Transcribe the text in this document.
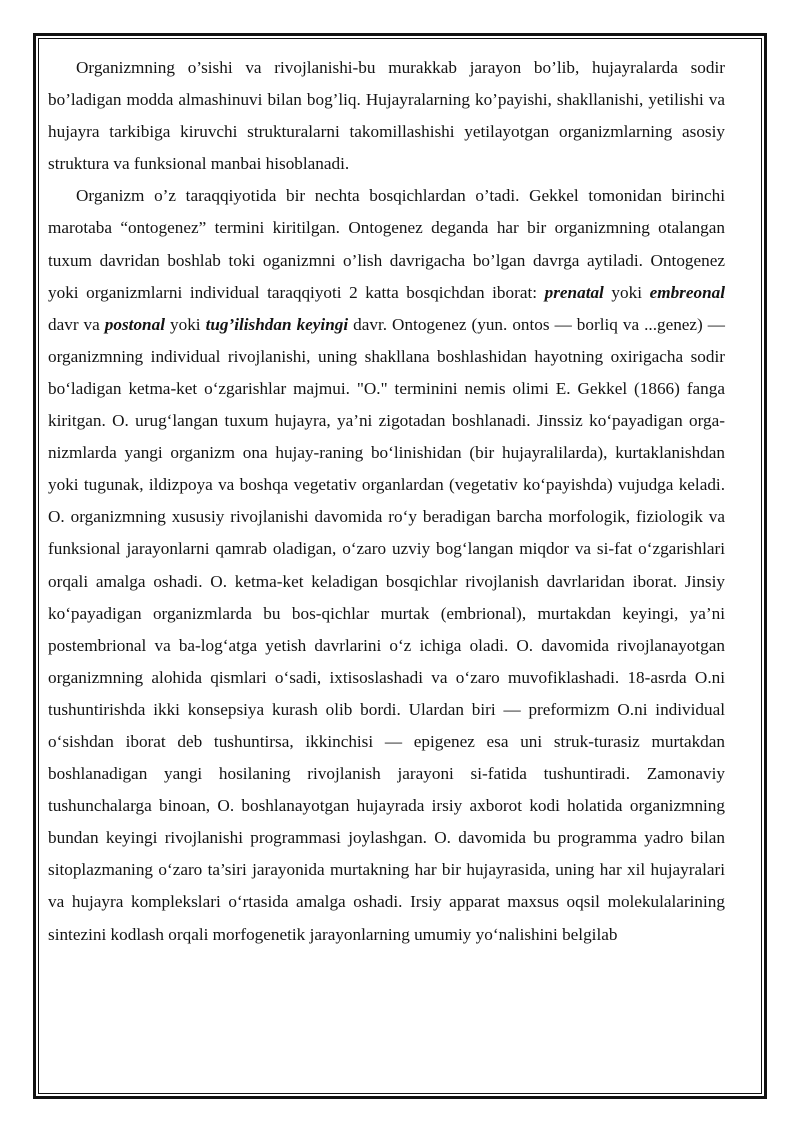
Organizmning o’sishi va rivojlanishi-bu murakkab jarayon bo’lib, hujayralarda sodir bo’ladigan modda almashinuvi bilan bog’liq. Hujayralarning ko’payishi, shakllanishi, yetilishi va hujayra tarkibiga kiruvchi strukturalarni takomillashishi yetilayotgan organizmlarning asosiy struktura va funksional manbai hisoblanadi.

Organizm o’z taraqqiyotida bir nechta bosqichlardan o’tadi. Gekkel tomonidan birinchi marotaba “ontogenez” termini kiritilgan. Ontogenez deganda har bir organizmning otalangan tuxum davridan boshlab toki oganizmni o’lish davrigacha bo’lgan davrga aytiladi. Ontogenez yoki organizmlarni individual taraqqiyoti 2 katta bosqichdan iborat: prenatal yoki embreonal davr va postonal yoki tug’ilishdan keyingi davr. Ontogenez (yun. ontos — borliq va ...genez) — organizmning individual rivojlanishi, uning shakllana boshlashidan hayotning oxirigacha sodir bo‘ladigan ketma-ket o‘zgarishlar majmui. "O." terminini nemis olimi E. Gekkel (1866) fanga kiritgan. O. urug‘langan tuxum hujayra, ya’ni zigotadan boshlanadi. Jinssiz ko‘payadigan orga-nizmlarda yangi organizm ona hujay-raning bo‘linishidan (bir hujayralilarda), kurtaklanishdan yoki tugunak, ildizpoya va boshqa vegetativ organlardan (vegetativ ko‘payishda) vujudga keladi. O. organizmning xususiy rivojlanishi davomida ro‘y beradigan barcha morfologik, fiziologik va funksional jarayonlarni qamrab oladigan, o‘zaro uzviy bog‘langan miqdor va si-fat o‘zgarishlari orqali amalga oshadi. O. ketma-ket keladigan bosqichlar rivojlanish davrlaridan iborat. Jinsiy ko‘payadigan organizmlarda bu bos-qichlar murtak (embrional), murtakdan keyingi, ya’ni postembrional va ba-log‘atga yetish davrlarini o‘z ichiga oladi. O. davomida rivojlanayotgan organizmning alohida qismlari o‘sadi, ixtisoslashadi va o‘zaro muvofiklashadi. 18-asrda O.ni tushuntirishda ikki konsepsiya kurash olib bordi. Ulardan biri — preformizm O.ni individual o‘sishdan iborat deb tushuntirsa, ikkinchisi — epigenez esa uni struk-turasiz murtakdan boshlanadigan yangi hosilaning rivojlanish jarayoni si-fatida tushuntiradi. Zamonaviy tushunchalarga binoan, O. boshlanayotgan hujayrada irsiy axborot kodi holatida organizmning bundan keyingi rivojlanishi programmasi joylashgan. O. davomida bu programma yadro bilan sitoplazmaning o‘zaro ta’siri jarayonida murtakning har bir hujayrasida, uning har xil hujayralari va hujayra komplekslari o‘rtasida amalga oshadi. Irsiy apparat maxsus oqsil molekulalarining sintezini kodlash orqali morfogenetik jarayonlarning umumiy yo‘nalishini belgilab
